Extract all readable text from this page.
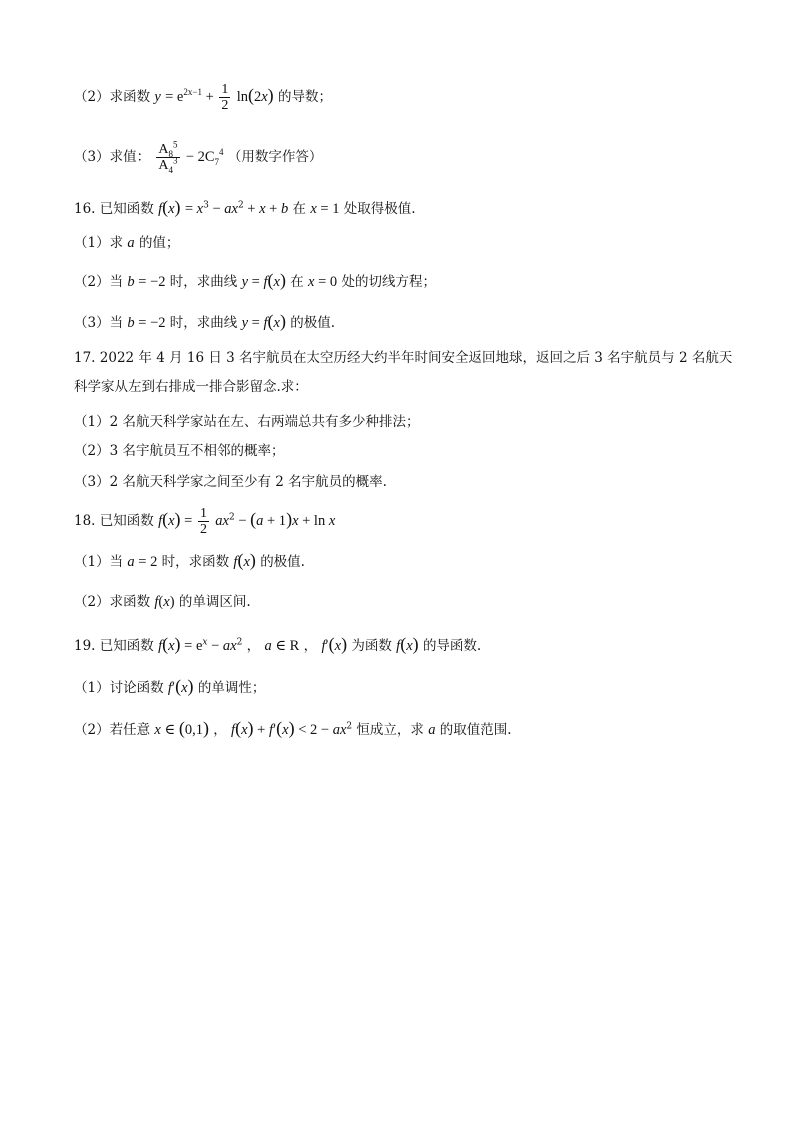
（2）求函数 $y = e^{2x-1} + \frac{1}{2} \ln(2x)$ 的导数；
（3）求值： $\frac{A_8^5}{A_4^3} - 2C_7^4$ （用数字作答）
16. 已知函数 $f(x) = x^3 - ax^2 + x + b$ 在 x = 1 处取得极值.
（1）求 a 的值；
（2）当 b = −2 时，求曲线 y = f(x) 在 x = 0 处的切线方程；
（3）当 b = −2 时，求曲线 y = f(x) 的极值.
17. 2022 年 4 月 16 日 3 名宇航员在太空历经大约半年时间安全返回地球，返回之后 3 名宇航员与 2 名航天
科学家从左到右排成一排合影留念.求：
（1）2 名航天科学家站在左、右两端总共有多少种排法；
（2）3 名宇航员互不相邻的概率；
（3）2 名航天科学家之间至少有 2 名宇航员的概率.
18. 已知函数 $f(x) = \frac{1}{2} ax^2 - (a + 1)x + \ln x$
（1）当 a = 2 时，求函数 f(x) 的极值.
（2）求函数 f(x) 的单调区间.
19. 已知函数 $f(x) = e^x - ax^2$ ， a ∈ R ， f′(x) 为函数 f(x) 的导函数.
（1）讨论函数 f′(x) 的单调性；
（2）若任意 x ∈ (0,1) ， $f(x) + f'(x) < 2 - ax^2$ 恒成立，求 a 的取值范围.
